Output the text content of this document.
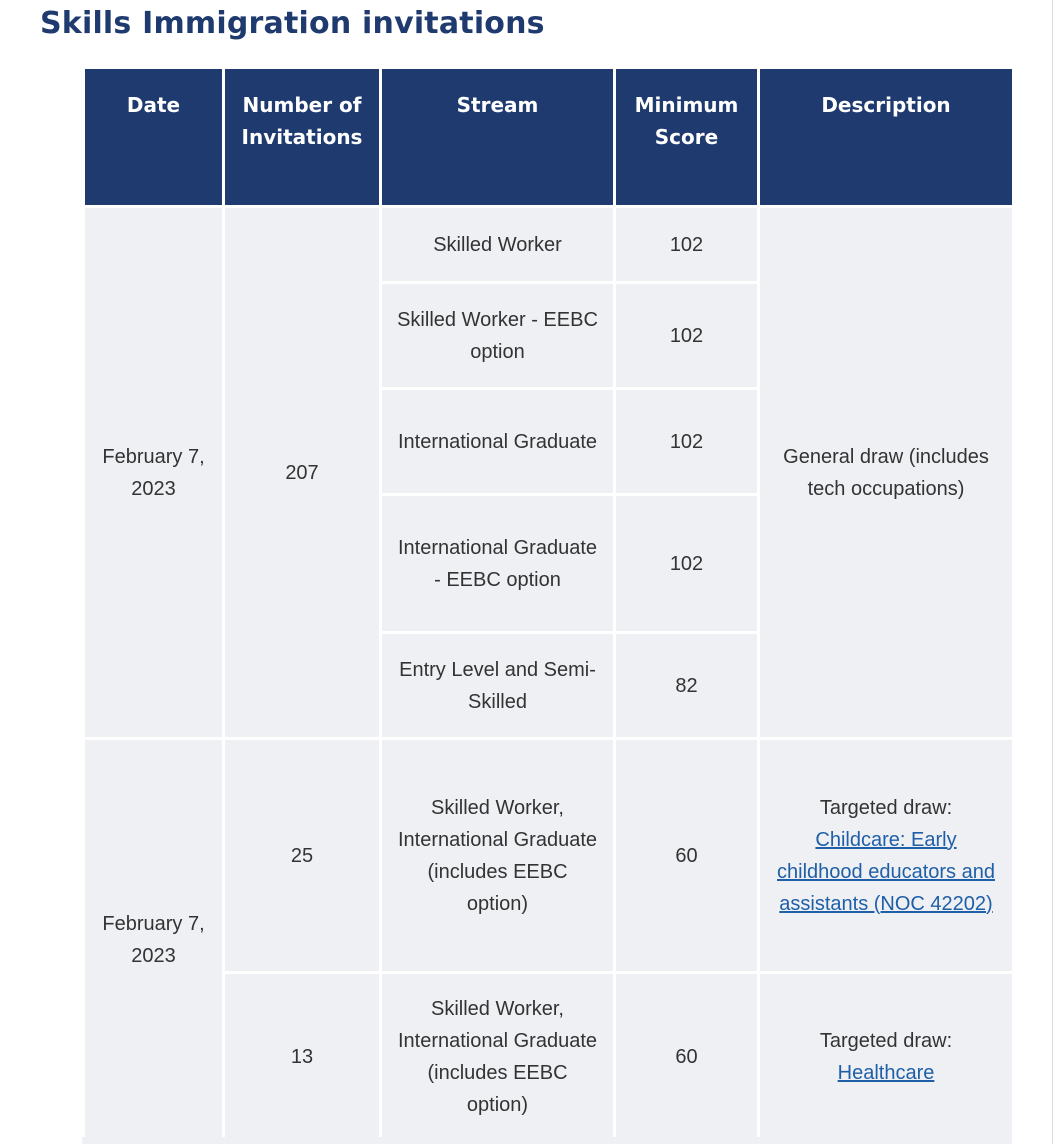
Skills Immigration invitations
Date	Number of Invitations	Stream	Minimum Score	Description
February 7, 2023	207	Skilled Worker	102	General draw (includes tech occupations)
		Skilled Worker - EEBC option	102	
		International Graduate	102	
		International Graduate - EEBC option	102	
		Entry Level and Semi-Skilled	82	
February 7, 2023	25	Skilled Worker, International Graduate (includes EEBC option)	60	Targeted draw:
Childcare: Early childhood educators and assistants (NOC 42202)
	13	Skilled Worker, International Graduate (includes EEBC option)	60	Targeted draw:
Healthcare
